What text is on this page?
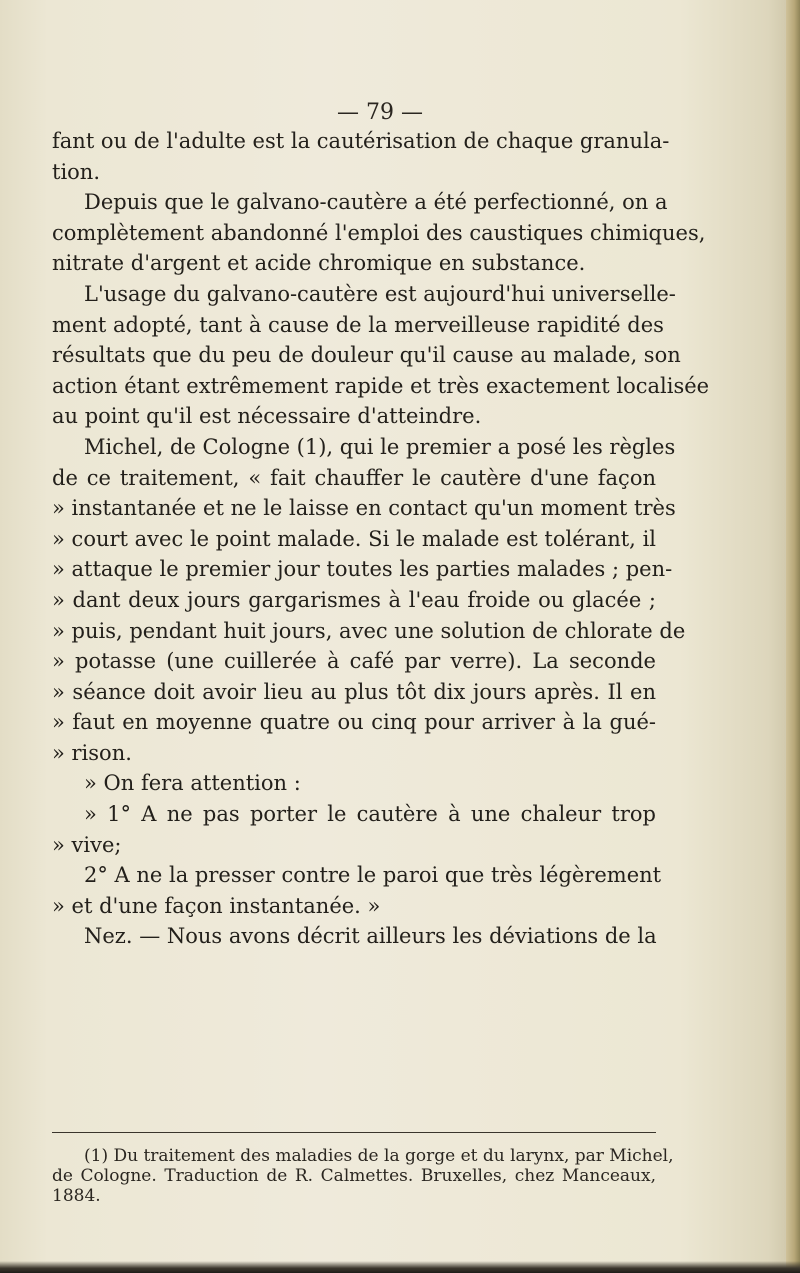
— 79 —

fant ou de l'adulte est la cautérisation de chaque granula-
tion.
Depuis que le galvano-cautère a été perfectionné, on a
complètement abandonné l'emploi des caustiques chimiques,
nitrate d'argent et acide chromique en substance.
L'usage du galvano-cautère est aujourd'hui universelle-
ment adopté, tant à cause de la merveilleuse rapidité des
résultats que du peu de douleur qu'il cause au malade, son
action étant extrêmement rapide et très exactement localisée
au point qu'il est nécessaire d'atteindre.
Michel, de Cologne (1), qui le premier a posé les règles
de ce traitement, « fait chauffer le cautère d'une façon
» instantanée et ne le laisse en contact qu'un moment très
» court avec le point malade. Si le malade est tolérant, il
» attaque le premier jour toutes les parties malades ; pen-
» dant deux jours gargarismes à l'eau froide ou glacée ;
» puis, pendant huit jours, avec une solution de chlorate de
» potasse (une cuillerée à café par verre). La seconde
» séance doit avoir lieu au plus tôt dix jours après. Il en
» faut en moyenne quatre ou cinq pour arriver à la gué-
» rison.
» On fera attention :
» 1° A ne pas porter le cautère à une chaleur trop
» vive;
2° A ne la presser contre le paroi que très légèrement
» et d'une façon instantanée. »
Nez. — Nous avons décrit ailleurs les déviations de la
(1) Du traitement des maladies de la gorge et du larynx, par Michel,
de Cologne. Traduction de R. Calmettes. Bruxelles, chez Manceaux,
1884.
